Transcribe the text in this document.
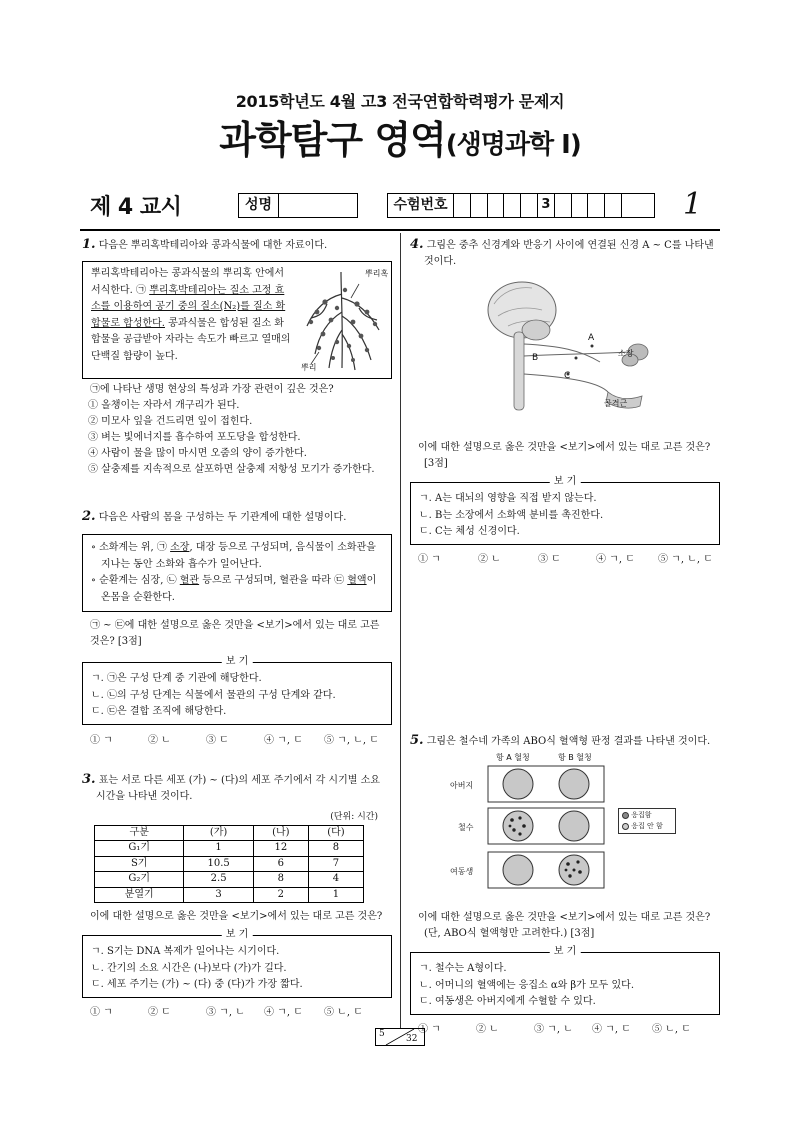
2015학년도 4월 고3 전국연합학력평가 문제지
과학탐구 영역(생명과학 Ⅰ)
제 4 교시	성명	수험번호	3	1
1. 다음은 뿌리혹박테리아와 콩과식물에 대한 자료이다.
뿌리혹박테리아는 콩과식물의 뿌리혹 안에서 서식한다. ㉠ 뿌리혹박테리아는 질소 고정 효소를 이용하여 공기 중의 질소(N₂)를 질소 화합물로 합성한다. 콩과식물은 합성된 질소 화합물을 공급받아 자라는 속도가 빠르고 열매의 단백질 함량이 높다.
뿌리혹
뿌리
㉠에 나타난 생명 현상의 특성과 가장 관련이 깊은 것은?
① 올챙이는 자라서 개구리가 된다.
② 미모사 잎을 건드리면 잎이 접힌다.
③ 벼는 빛에너지를 흡수하여 포도당을 합성한다.
④ 사람이 물을 많이 마시면 오줌의 양이 증가한다.
⑤ 살충제를 지속적으로 살포하면 살충제 저항성 모기가 증가한다.
2. 다음은 사람의 몸을 구성하는 두 기관계에 대한 설명이다.
∘ 소화계는 위, ㉠ 소장, 대장 등으로 구성되며, 음식물이 소화관을 지나는 동안 소화와 흡수가 일어난다.
∘ 순환계는 심장, ㉡ 혈관 등으로 구성되며, 혈관을 따라 ㉢ 혈액이 온몸을 순환한다.
㉠ ~ ㉢에 대한 설명으로 옳은 것만을 <보기>에서 있는 대로 고른 것은? [3점]
보 기
ㄱ. ㉠은 구성 단계 중 기관에 해당한다.
ㄴ. ㉡의 구성 단계는 식물에서 물관의 구성 단계와 같다.
ㄷ. ㉢은 결합 조직에 해당한다.
① ㄱ	② ㄴ	③ ㄷ	④ ㄱ, ㄷ	⑤ ㄱ, ㄴ, ㄷ
3. 표는 서로 다른 세포 (가) ~ (다)의 세포 주기에서 각 시기별 소요 시간을 나타낸 것이다.
(단위: 시간)
구분	(가)	(나)	(다)
G₁기	1	12	8
S기	10.5	6	7
G₂기	2.5	8	4
분열기	3	2	1
이에 대한 설명으로 옳은 것만을 <보기>에서 있는 대로 고른 것은?
보 기
ㄱ. S기는 DNA 복제가 일어나는 시기이다.
ㄴ. 간기의 소요 시간은 (나)보다 (가)가 길다.
ㄷ. 세포 주기는 (가) ~ (다) 중 (다)가 가장 짧다.
① ㄱ	② ㄷ	③ ㄱ, ㄴ	④ ㄱ, ㄷ	⑤ ㄴ, ㄷ
4. 그림은 중추 신경계와 반응기 사이에 연결된 신경 A ~ C를 나타낸 것이다.
A
B
C
소장
골격근
이에 대한 설명으로 옳은 것만을 <보기>에서 있는 대로 고른 것은? [3점]
보 기
ㄱ. A는 대뇌의 영향을 직접 받지 않는다.
ㄴ. B는 소장에서 소화액 분비를 촉진한다.
ㄷ. C는 체성 신경이다.
① ㄱ	② ㄴ	③ ㄷ	④ ㄱ, ㄷ	⑤ ㄱ, ㄴ, ㄷ
5. 그림은 철수네 가족의 ABO식 혈액형 판정 결과를 나타낸 것이다.
항 A 혈청	항 B 혈청
아버지
철수
여동생
응집함
응집 안 함
이에 대한 설명으로 옳은 것만을 <보기>에서 있는 대로 고른 것은? (단, ABO식 혈액형만 고려한다.) [3점]
보 기
ㄱ. 철수는 A형이다.
ㄴ. 어머니의 혈액에는 응집소 α와 β가 모두 있다.
ㄷ. 여동생은 아버지에게 수혈할 수 있다.
① ㄱ	② ㄴ	③ ㄱ, ㄴ	④ ㄱ, ㄷ	⑤ ㄴ, ㄷ
5 32
